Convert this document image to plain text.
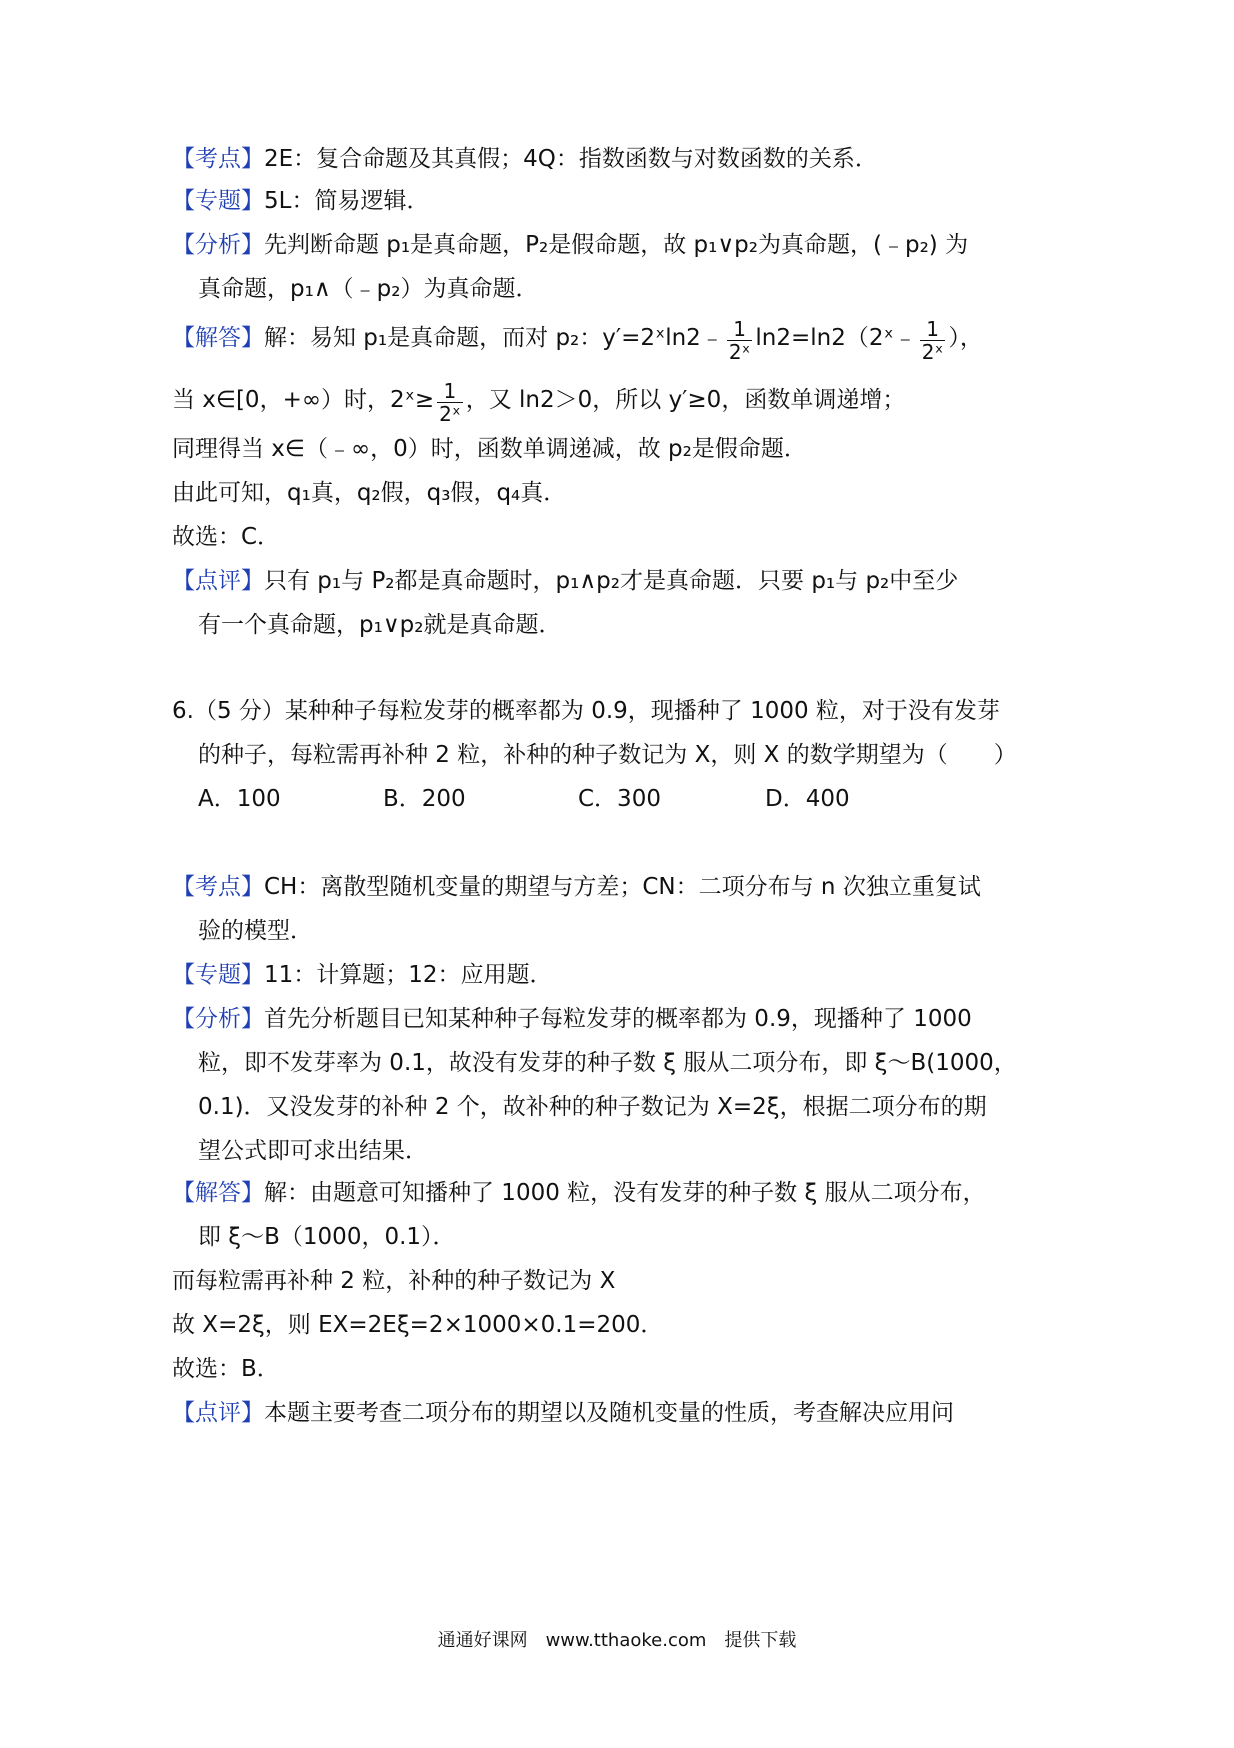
【考点】2E：复合命题及其真假；4Q：指数函数与对数函数的关系．
【专题】5L：简易逻辑．
【分析】先判断命题 p₁是真命题，P₂是假命题，故 p₁∨p₂为真命题，(﹣p₂) 为
真命题，p₁∧（﹣p₂）为真命题．
【解答】解：易知 p₁是真命题，而对 p₂：y′=2ˣln2﹣ $\frac{1}{\text{2ˣ}}$ ln2=ln2（2ˣ﹣ $\frac{1}{\text{2ˣ}}$ ），
当 x∈[0，+∞）时，2ˣ≥ $\frac{1}{\text{2ˣ}}$ ，又 ln2＞0，所以 y′≥0，函数单调递增；
同理得当 x∈（﹣∞，0）时，函数单调递减，故 p₂是假命题．
由此可知，q₁真，q₂假，q₃假，q₄真．
故选：C．
【点评】只有 p₁与 P₂都是真命题时，p₁∧p₂才是真命题．只要 p₁与 p₂中至少
有一个真命题，p₁∨p₂就是真命题．
6.（5 分）某种种子每粒发芽的概率都为 0.9，现播种了 1000 粒，对于没有发芽
的种子，每粒需再补种 2 粒，补种的种子数记为 X，则 X 的数学期望为（　　）
A．100	B．200	C．300	D．400
【考点】CH：离散型随机变量的期望与方差；CN：二项分布与 n 次独立重复试
验的模型．
【专题】11：计算题；12：应用题．
【分析】首先分析题目已知某种种子每粒发芽的概率都为 0.9，现播种了 1000
粒，即不发芽率为 0.1，故没有发芽的种子数 ξ 服从二项分布，即 ξ～B(1000，
0.1)．又没发芽的补种 2 个，故补种的种子数记为 X=2ξ，根据二项分布的期
望公式即可求出结果．
【解答】解：由题意可知播种了 1000 粒，没有发芽的种子数 ξ 服从二项分布，
即 ξ～B（1000，0.1）．
而每粒需再补种 2 粒，补种的种子数记为 X
故 X=2ξ，则 EX=2Eξ=2×1000×0.1=200．
故选：B．
【点评】本题主要考查二项分布的期望以及随机变量的性质，考查解决应用问
通通好课网　www.tthaoke.com　提供下载
